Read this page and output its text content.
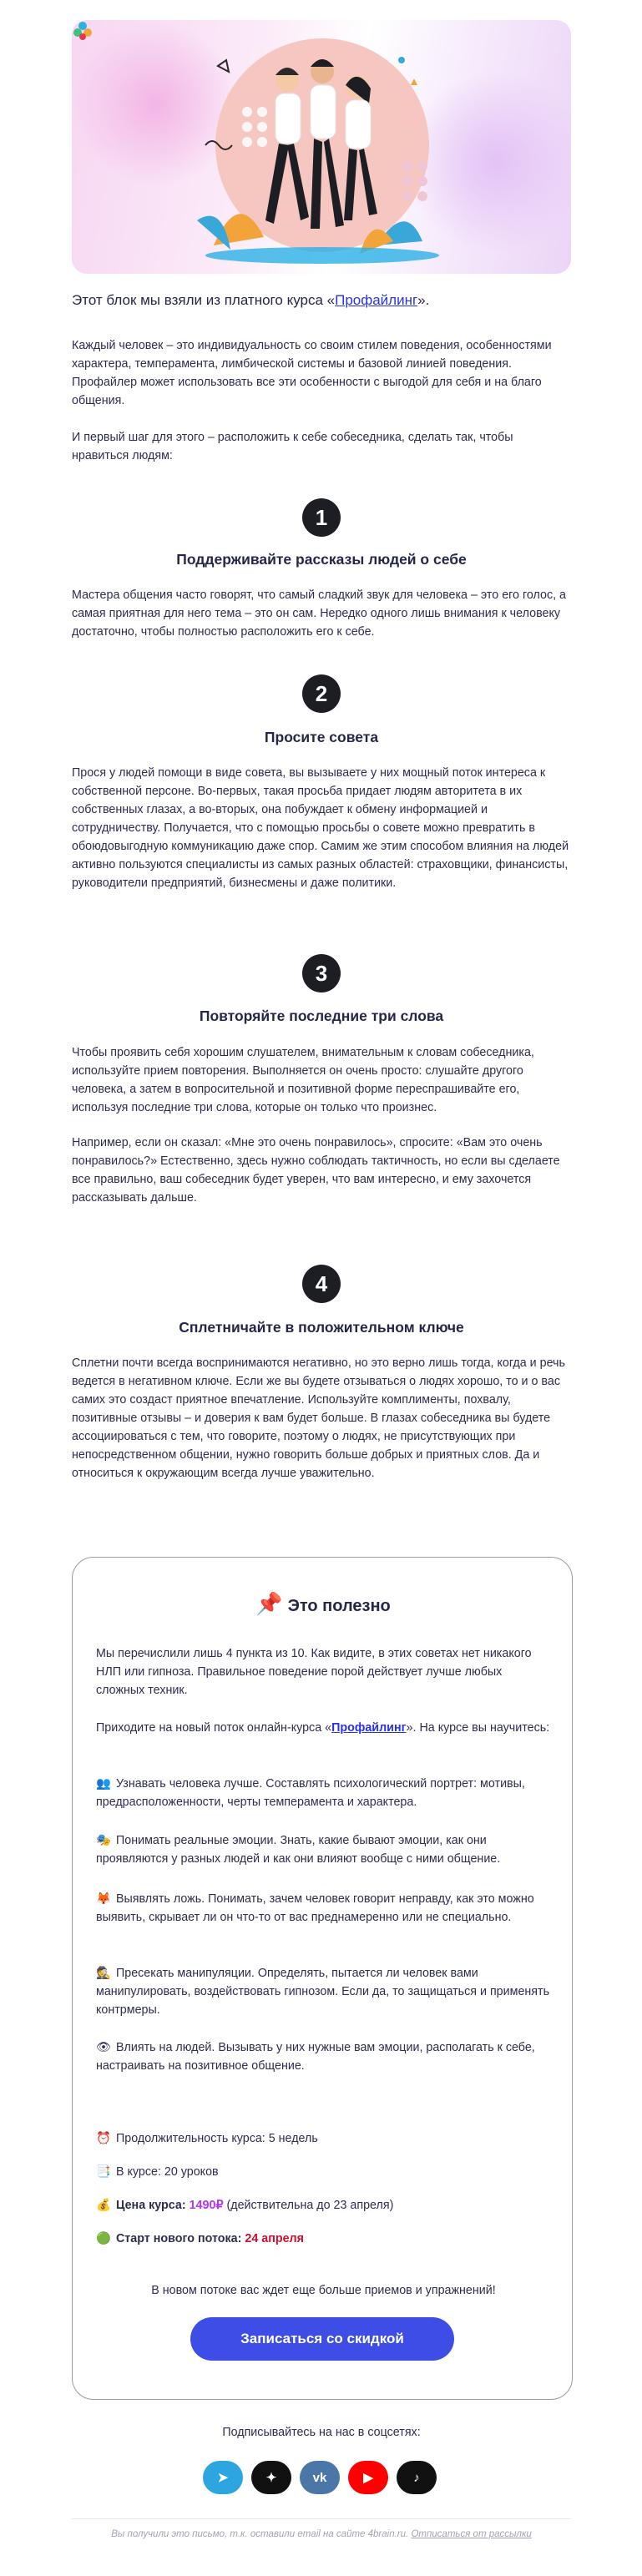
Этот блок мы взяли из платного курса «Профайлинг».
Каждый человек – это индивидуальность со своим стилем поведения, особенностями характера, темперамента, лимбической системы и базовой линией поведения. Профайлер может использовать все эти особенности с выгодой для себя и на благо общения.
И первый шаг для этого – расположить к себе собеседника, сделать так, чтобы нравиться людям:
1
Поддерживайте рассказы людей о себе
Мастера общения часто говорят, что самый сладкий звук для человека – это его голос, а самая приятная для него тема – это он сам. Нередко одного лишь внимания к человеку достаточно, чтобы полностью расположить его к себе.
2
Просите совета
Прося у людей помощи в виде совета, вы вызываете у них мощный поток интереса к собственной персоне. Во-первых, такая просьба придает людям авторитета в их собственных глазах, а во-вторых, она побуждает к обмену информацией и сотрудничеству. Получается, что с помощью просьбы о совете можно превратить в обоюдовыгодную коммуникацию даже спор. Самим же этим способом влияния на людей активно пользуются специалисты из самых разных областей: страховщики, финансисты, руководители предприятий, бизнесмены и даже политики.
3
Повторяйте последние три слова
Чтобы проявить себя хорошим слушателем, внимательным к словам собеседника, используйте прием повторения. Выполняется он очень просто: слушайте другого человека, а затем в вопросительной и позитивной форме переспрашивайте его, используя последние три слова, которые он только что произнес.
Например, если он сказал: «Мне это очень понравилось», спросите: «Вам это очень понравилось?» Естественно, здесь нужно соблюдать тактичность, но если вы сделаете все правильно, ваш собеседник будет уверен, что вам интересно, и ему захочется рассказывать дальше.
4
Сплетничайте в положительном ключе
Сплетни почти всегда воспринимаются негативно, но это верно лишь тогда, когда и речь ведется в негативном ключе. Если же вы будете отзываться о людях хорошо, то и о вас самих это создаст приятное впечатление. Используйте комплименты, похвалу, позитивные отзывы – и доверия к вам будет больше. В глазах собеседника вы будете ассоциироваться с тем, что говорите, поэтому о людях, не присутствующих при непосредственном общении, нужно говорить больше добрых и приятных слов. Да и относиться к окружающим всегда лучше уважительно.
📌 Это полезно
Мы перечислили лишь 4 пункта из 10. Как видите, в этих советах нет никакого НЛП или гипноза. Правильное поведение порой действует лучше любых сложных техник.
Приходите на новый поток онлайн-курса «Профайлинг». На курсе вы научитесь:
👥 Узнавать человека лучше. Составлять психологический портрет: мотивы, предрасположенности, черты темперамента и характера.
🎭 Понимать реальные эмоции. Знать, какие бывают эмоции, как они проявляются у разных людей и как они влияют вообще с ними общение.
🦊 Выявлять ложь. Понимать, зачем человек говорит неправду, как это можно выявить, скрывает ли он что-то от вас преднамеренно или не специально.
🕵 Пресекать манипуляции. Определять, пытается ли человек вами манипулировать, воздействовать гипнозом. Если да, то защищаться и применять контрмеры.
👁 Влиять на людей. Вызывать у них нужные вам эмоции, располагать к себе, настраивать на позитивное общение.
⏰ Продолжительность курса: 5 недель
📑 В курсе: 20 уроков
💰 Цена курса: 1490₽ (действительна до 23 апреля)
🟢 Старт нового потока: 24 апреля
В новом потоке вас ждет еще больше приемов и упражнений!
Записаться со скидкой
Подписывайтесь на нас в соцсетях:
➤	✦	vk	▶	♪
Вы получили это письмо, т.к. оставили email на сайте 4brain.ru. Отписаться от рассылки
